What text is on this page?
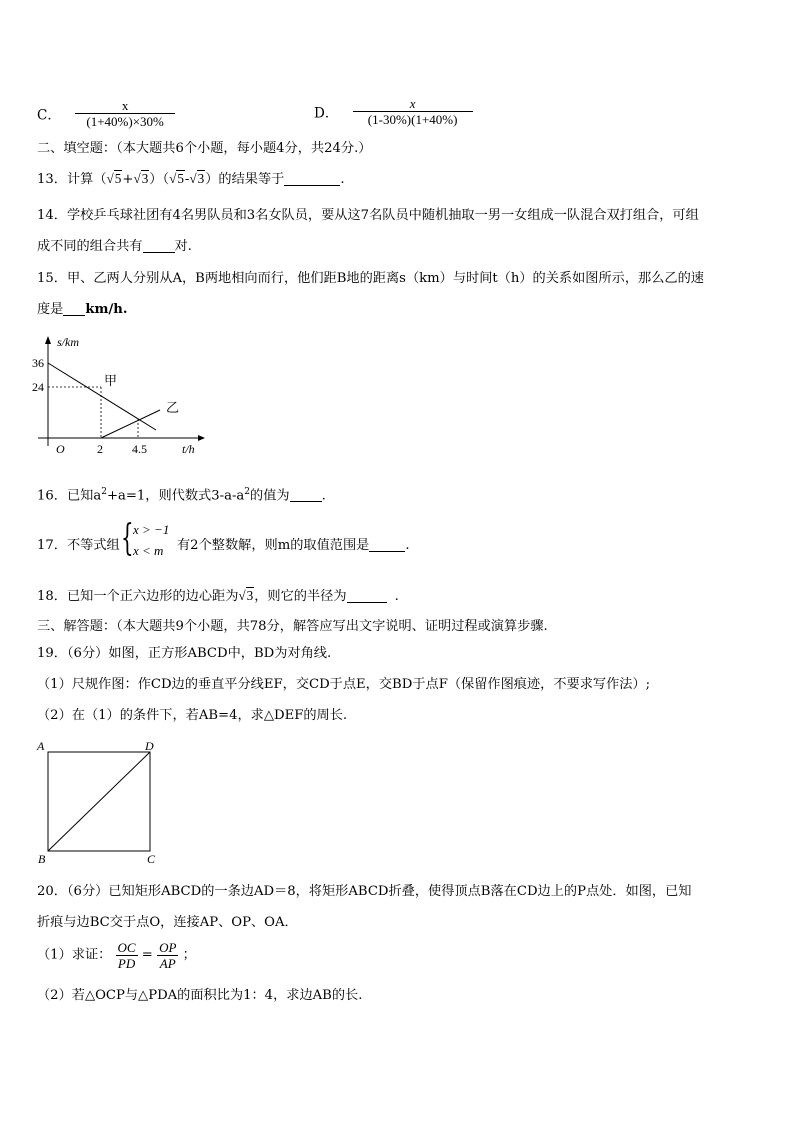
C． $\frac{x}{(1+40\%)\times 30\%}$	D． $\frac{x}{(1-30\%)(1+40\%)}$
二、填空题：（本大题共6个小题，每小题4分，共24分.）
13．计算（√5+√3）（√5-√3）的结果等于	.
14．学校乒乓球社团有4名男队员和3名女队员，要从这7名队员中随机抽取一男一女组成一队混合双打组合，可组
成不同的组合共有 对.
15．甲、乙两人分别从A，B两地相向而行，他们距B地的距离s（km）与时间t（h）的关系如图所示，那么乙的速
度是 km/h.
s/km
t/h
O
36
24
2 4.5
甲
乙
16．已知$a^2+a=1$，则代数式$3-a-a^2$的值为 .
17．不等式组 { x > −1
x < m 有2个整数解，则m的取值范围是	.
18．已知一个正六边形的边心距为√3，则它的半径为	.
三、解答题：（本大题共9个小题，共78分，解答应写出文字说明、证明过程或演算步骤.
19．（6分）如图，正方形ABCD中，BD为对角线.
（1）尺规作图：作CD边的垂直平分线EF，交CD于点E，交BD于点F（保留作图痕迹，不要求写作法）;
（2）在（1）的条件下，若AB=4，求△DEF的周长.
A	D
B	C
20．（6分）已知矩形ABCD的一条边AD＝8，将矩形ABCD折叠，使得顶点B落在CD边上的P点处．如图，已知
折痕与边BC交于点O，连接AP、OP、OA．
（1）求证： $\frac{OC}{PD} = \frac{OP}{AP}$ ；
（2）若△OCP与△PDA的面积比为1：4，求边AB的长.
